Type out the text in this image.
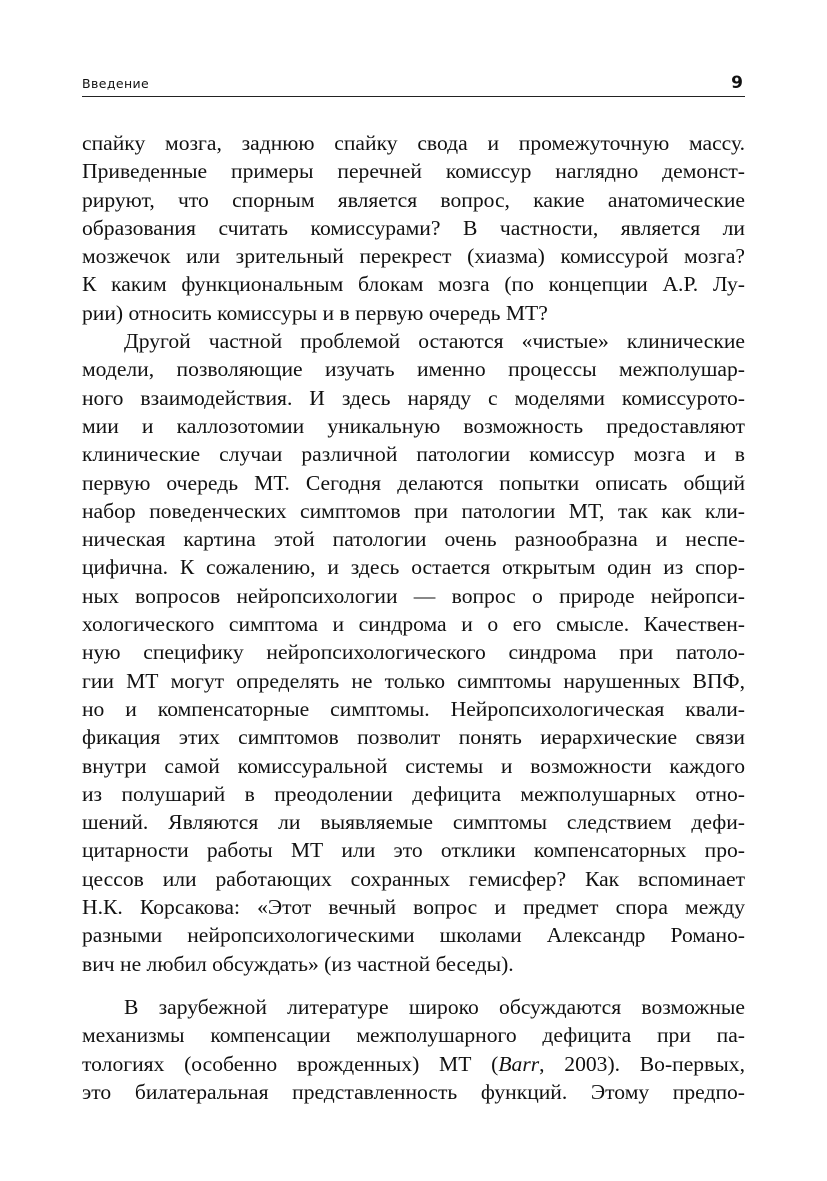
Введение	9
спайку мозга, заднюю спайку свода и промежуточную массу.
Приведенные примеры перечней комиссур наглядно демонст-
рируют, что спорным является вопрос, какие анатомические
образования считать комиссурами? В частности, является ли
мозжечок или зрительный перекрест (хиазма) комиссурой мозга?
К каким функциональным блокам мозга (по концепции А.Р. Лу-
рии) относить комиссуры и в первую очередь МТ?
Другой частной проблемой остаются «чистые» клинические
модели, позволяющие изучать именно процессы межполушар-
ного взаимодействия. И здесь наряду с моделями комиссурото-
мии и каллозотомии уникальную возможность предоставляют
клинические случаи различной патологии комиссур мозга и в
первую очередь МТ. Сегодня делаются попытки описать общий
набор поведенческих симптомов при патологии МТ, так как кли-
ническая картина этой патологии очень разнообразна и неспе-
цифична. К сожалению, и здесь остается открытым один из спор-
ных вопросов нейропсихологии — вопрос о природе нейропси-
хологического симптома и синдрома и о его смысле. Качествен-
ную специфику нейропсихологического синдрома при патоло-
гии МТ могут определять не только симптомы нарушенных ВПФ,
но и компенсаторные симптомы. Нейропсихологическая квали-
фикация этих симптомов позволит понять иерархические связи
внутри самой комиссуральной системы и возможности каждого
из полушарий в преодолении дефицита межполушарных отно-
шений. Являются ли выявляемые симптомы следствием дефи-
цитарности работы МТ или это отклики компенсаторных про-
цессов или работающих сохранных гемисфер? Как вспоминает
Н.К. Корсакова: «Этот вечный вопрос и предмет спора между
разными нейропсихологическими школами Александр Романо-
вич не любил обсуждать» (из частной беседы).
В зарубежной литературе широко обсуждаются возможные
механизмы компенсации межполушарного дефицита при па-
тологиях (особенно врожденных) МТ (Barr, 2003). Во-первых,
это билатеральная представленность функций. Этому предпо-
